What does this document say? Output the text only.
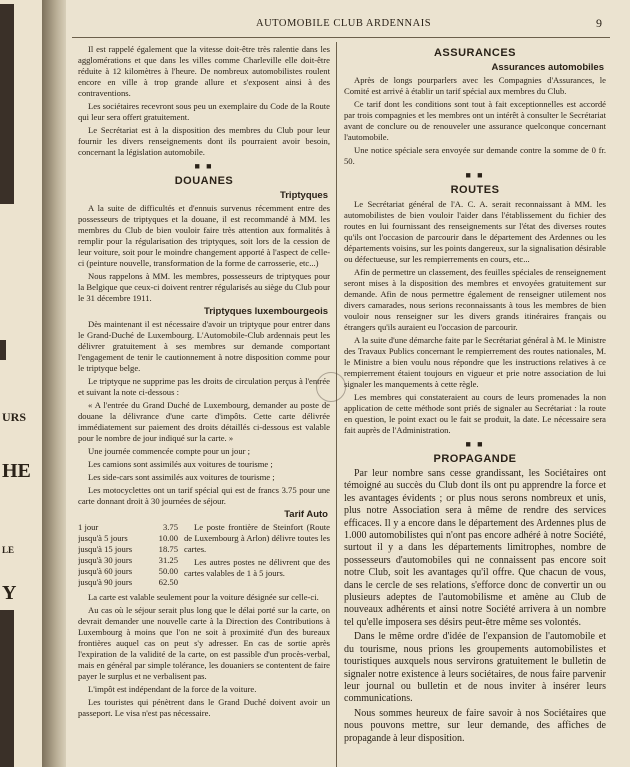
URS
HE
LE
Y
AUTOMOBILE CLUB ARDENNAIS	9

Il est rappelé également que la vitesse doit-être très ralentie dans les agglomérations et que dans les villes comme Charleville elle doit-être réduite à 12 kilomètres à l'heure. De nombreux automobilistes roulent encore en ville à trop grande allure et s'exposent ainsi à des contraventions.

Les sociétaires recevront sous peu un exemplaire du Code de la Route qui leur sera offert gratuitement.

Le Secrétariat est à la disposition des membres du Club pour leur fournir les divers renseignements dont ils pourraient avoir besoin, concernant la législation automobile.

■ ■
DOUANES
Triptyques

A la suite de difficultés et d'ennuis survenus récemment entre des possesseurs de triptyques et la douane, il est recommandé à MM. les membres du Club de bien vouloir faire très attention aux formalités à remplir pour la régularisation des triptyques, soit lors de la cession de leur voiture, soit pour le moindre changement apporté à l'aspect de celle-ci (peinture nouvelle, transformation de la forme de carrosserie, etc...)

Nous rappelons à MM. les membres, possesseurs de triptyques pour la Belgique que ceux-ci doivent rentrer régularisés au siège du Club pour le 31 décembre 1911.

Triptyques luxembourgeois

Dès maintenant il est nécessaire d'avoir un triptyque pour entrer dans le Grand-Duché de Luxembourg. L'Automobile-Club ardennais peut les délivrer gratuitement à ses membres sur demande comportant l'engagement de tenir le cautionnement à notre disposition comme pour le triptyque belge.

Le triptyque ne supprime pas les droits de circulation perçus à l'entrée et suivant la note ci-dessous :

« A l'entrée du Grand Duché de Luxembourg, demander au poste de douane la délivrance d'une carte d'impôts. Cette carte délivrée immédiatement sur paiement des droits détaillés ci-dessous est valable pour le nombre de jour indiqué sur la carte. »

Une journée commencée compte pour un jour ;

Les camions sont assimilés aux voitures de tourisme ;

Les side-cars sont assimilés aux voitures de tourisme ;

Les motocyclettes ont un tarif spécial qui est de francs 3.75 pour une carte donnant droit à 30 journées de séjour.

Tarif Auto
1 jour	3.75
jusqu'à 5 jours	10.00
jusqu'à 15 jours	18.75
jusqu'à 30 jours	31.25
jusqu'à 60 jours	50.00
jusqu'à 90 jours	62.50

Le poste frontière de Steinfort (Route de Luxembourg à Arlon) délivre toutes les cartes.

Les autres postes ne délivrent que des cartes valables de 1 à 5 jours.

La carte est valable seulement pour la voiture désignée sur celle-ci.

Au cas où le séjour serait plus long que le délai porté sur la carte, on devrait demander une nouvelle carte à la Direction des Contributions à Luxembourg à moins que l'on ne soit à proximité d'un des bureaux frontières auquel cas on peut s'y adresser. En cas de sortie après l'expiration de la validité de la carte, on est passible d'un procès-verbal, mais en général par simple tolérance, les douaniers se contentent de faire payer le surplus et ne verbalisent pas.

L'impôt est indépendant de la force de la voiture.

Les touristes qui pénètrent dans le Grand Duché doivent avoir un passeport. Le visa n'est pas nécessaire.

ASSURANCES
Assurances automobiles

Après de longs pourparlers avec les Compagnies d'Assurances, le Comité est arrivé à établir un tarif spécial aux membres du Club.

Ce tarif dont les conditions sont tout à fait exceptionnelles est accordé par trois compagnies et les membres ont un intérêt à consulter le Secrétariat avant de conclure ou de renouveler une assurance quelconque concernant l'automobile.

Une notice spéciale sera envoyée sur demande contre la somme de 0 fr. 50.

■ ■
ROUTES

Le Secrétariat général de l'A. C. A. serait reconnaissant à MM. les automobilistes de bien vouloir l'aider dans l'établissement du fichier des routes en lui fournissant des renseignements sur l'état des diverses routes qu'ils ont l'occasion de parcourir dans le département des Ardennes ou les départements voisins, sur les points dangereux, sur la signalisation désirable ou défectueuse, sur les rempierrements en cours, etc...

Afin de permettre un classement, des feuilles spéciales de renseignement seront mises à la disposition des membres et envoyées gratuitement sur demande. Afin de nous permettre également de renseigner utilement nos divers camarades, nous serions reconnaissants à tous les membres de bien vouloir nous renseigner sur les divers grands itinéraires français ou étrangers qu'ils auraient eu l'occasion de parcourir.

A la suite d'une démarche faite par le Secrétariat général à M. le Ministre des Travaux Publics concernant le rempierrement des routes nationales, M. le Ministre a bien voulu nous répondre que les instructions relatives à ce rempierrement étaient toujours en vigueur et prie notre association de lui signaler les manquements à cette règle.

Les membres qui constateraient au cours de leurs promenades la non application de cette méthode sont priés de signaler au Secrétariat : la route en question, le point exact ou le fait se produit, la date. Le nécessaire sera fait auprès de l'Administration.

■ ■
PROPAGANDE

Par leur nombre sans cesse grandissant, les Sociétaires ont témoigné au succès du Club dont ils ont pu apprendre la force et les avantages évidents ; or plus nous serons nombreux et unis, plus notre Association sera à même de rendre des services efficaces. Il y a encore dans le département des Ardennes plus de 1.000 automobilistes qui n'ont pas encore adhéré à notre Société, surtout il y a dans les départements limitrophes, nombre de possesseurs d'automobiles qui ne connaissent pas encore soit notre Club, soit les avantages qu'il offre. Que chacun de vous, dans le cercle de ses relations, s'efforce donc de convertir un ou plusieurs adeptes de l'automobilisme et amène au Club de nouveaux adhérents et ainsi notre Société arrivera à un nombre tel qu'elle imposera ses désirs peut-être même ses volontés.

Dans le même ordre d'idée de l'expansion de l'automobile et du tourisme, nous prions les groupements automobilistes et touristiques auxquels nous servirons gratuitement le bulletin de signaler notre existence à leurs sociétaires, de nous faire parvenir leur journal ou bulletin et de nous inviter à insérer leurs communications.

Nous sommes heureux de faire savoir à nos Sociétaires que nous pouvons mettre, sur leur demande, des affiches de propagande à leur disposition.
